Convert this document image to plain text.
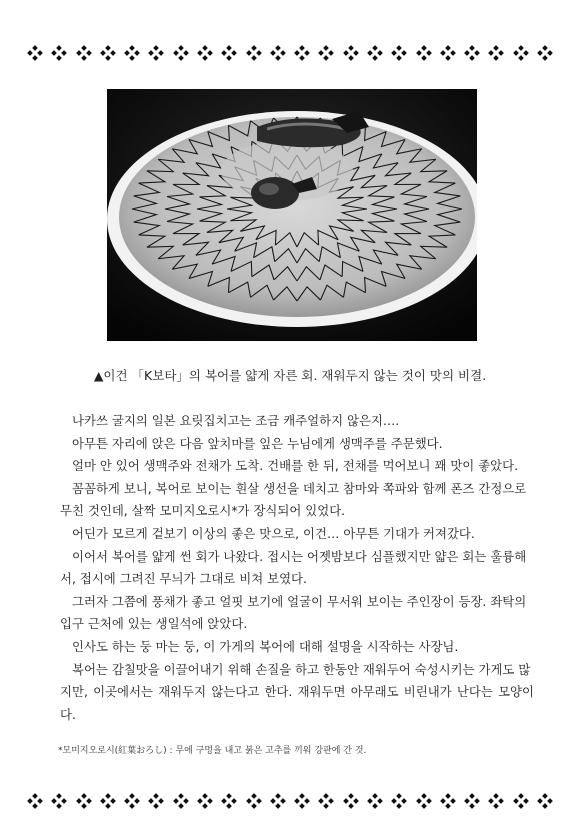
▲이건 「K보타」의 복어를 얇게 자른 회. 재워두지 않는 것이 맛의 비결.

나카쓰 굴지의 일본 요릿집치고는 조금 캐주얼하지 않은지….

아무튼 자리에 앉은 다음 앞치마를 잎은 누님에게 생맥주를 주문했다.

얼마 안 있어 생맥주와 전채가 도착. 건배를 한 뒤, 전채를 먹어보니 꽤 맛이 좋았다.

꼼꼼하게 보니, 복어로 보이는 흰살 생선을 데치고 참마와 쪽파와 함께 폰즈 간정으로

무친 것인데, 살짝 모미지오로시*가 장식되어 있었다.

어딘가 모르게 겉보기 이상의 좋은 맛으로, 이건… 아무튼 기대가 커져갔다.

이어서 복어를 얇게 썬 회가 나왔다. 접시는 어젯밤보다 심플했지만 얇은 회는 훌륭해

서, 접시에 그려진 무늬가 그대로 비쳐 보였다.

그러자 그쯤에 풍채가 좋고 얼핏 보기에 얼굴이 무서워 보이는 주인장이 등장. 좌탁의

입구 근처에 있는 생일석에 앉았다.

인사도 하는 둥 마는 둥, 이 가게의 복어에 대해 설명을 시작하는 사장님.

복어는 감칠맛을 이끌어내기 위해 손질을 하고 한동안 재워두어 숙성시키는 가게도 많

지만, 이곳에서는 재워두지 않는다고 한다. 재워두면 아무래도 비린내가 난다는 모양이다.

*모미지오로시(紅葉おろし) : 무에 구멍을 내고 붉은 고추를 끼워 강판에 간 것.
